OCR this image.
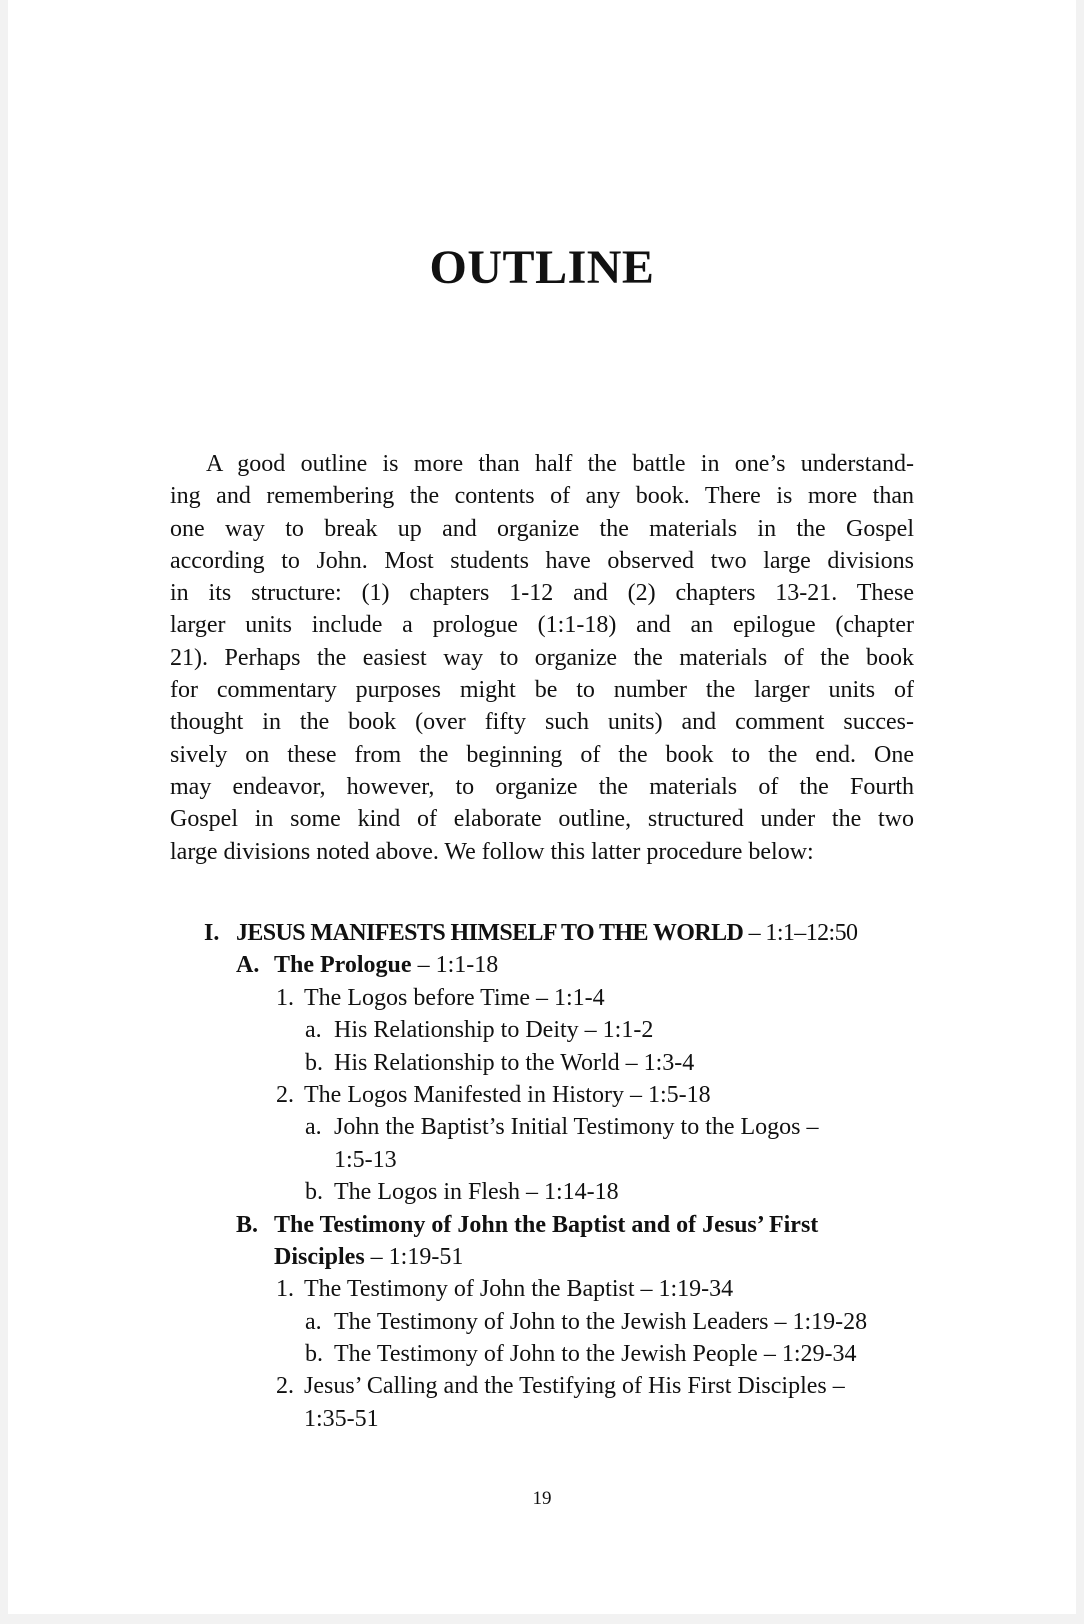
OUTLINE
A good outline is more than half the battle in one’s understand-
ing and remembering the contents of any book. There is more than
one way to break up and organize the materials in the Gospel
according to John. Most students have observed two large divisions
in its structure: (1) chapters 1-12 and (2) chapters 13-21. These
larger units include a prologue (1:1-18) and an epilogue (chapter
21). Perhaps the easiest way to organize the materials of the book
for commentary purposes might be to number the larger units of
thought in the book (over fifty such units) and comment succes-
sively on these from the beginning of the book to the end. One
may endeavor, however, to organize the materials of the Fourth
Gospel in some kind of elaborate outline, structured under the two
large divisions noted above. We follow this latter procedure below:
I. JESUS MANIFESTS HIMSELF TO THE WORLD – 1:1–12:50
A. The Prologue – 1:1-18
1. The Logos before Time – 1:1-4
a. His Relationship to Deity – 1:1-2
b. His Relationship to the World – 1:3-4
2. The Logos Manifested in History – 1:5-18
a. John the Baptist’s Initial Testimony to the Logos –
1:5-13
b. The Logos in Flesh – 1:14-18
B. The Testimony of John the Baptist and of Jesus’ First
Disciples – 1:19-51
1. The Testimony of John the Baptist – 1:19-34
a. The Testimony of John to the Jewish Leaders – 1:19-28
b. The Testimony of John to the Jewish People – 1:29-34
2. Jesus’ Calling and the Testifying of His First Disciples –
1:35-51
19
